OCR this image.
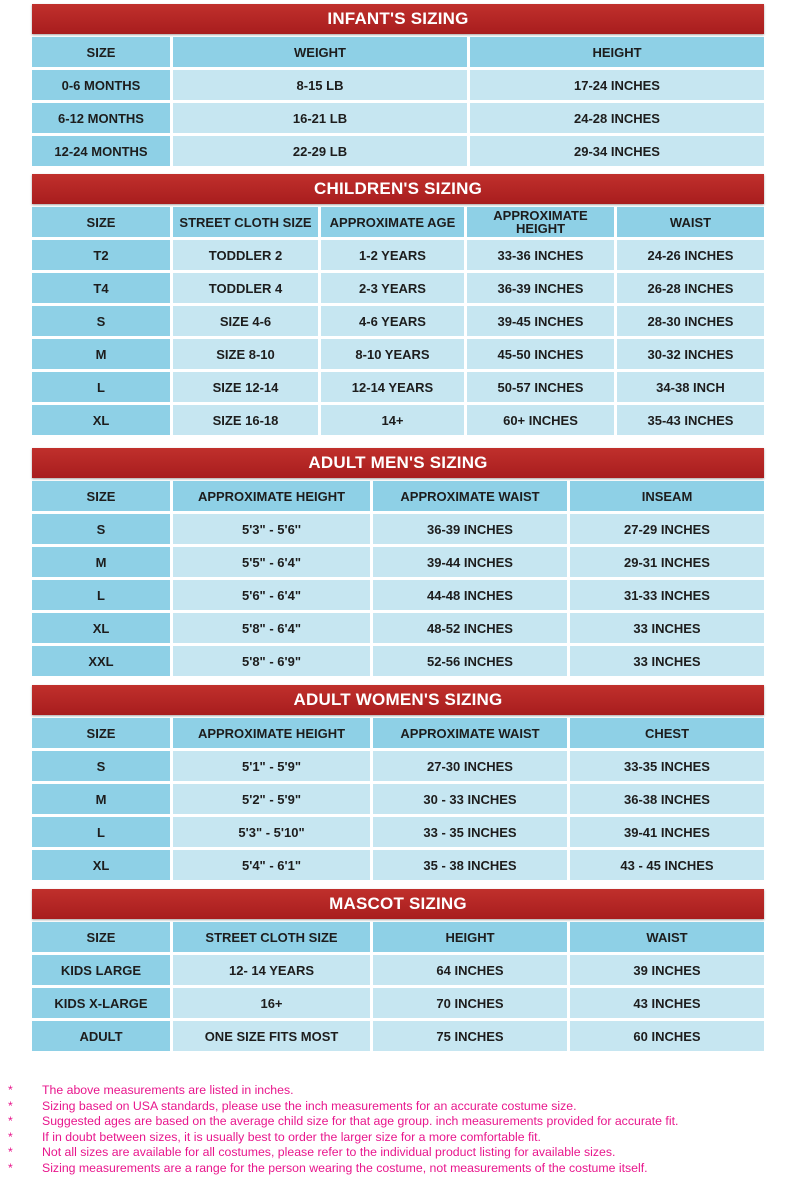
INFANT'S SIZING
SIZE	WEIGHT	HEIGHT
0-6 MONTHS	8-15 LB	17-24 INCHES
6-12 MONTHS	16-21 LB	24-28 INCHES
12-24 MONTHS	22-29 LB	29-34 INCHES
CHILDREN'S SIZING
SIZE	STREET CLOTH SIZE	APPROXIMATE AGE	APPROXIMATE HEIGHT	WAIST
T2	TODDLER 2	1-2 YEARS	33-36 INCHES	24-26 INCHES
T4	TODDLER 4	2-3 YEARS	36-39 INCHES	26-28 INCHES
S	SIZE 4-6	4-6 YEARS	39-45 INCHES	28-30 INCHES
M	SIZE 8-10	8-10 YEARS	45-50 INCHES	30-32 INCHES
L	SIZE 12-14	12-14 YEARS	50-57 INCHES	34-38 INCH
XL	SIZE 16-18	14+	60+ INCHES	35-43 INCHES
ADULT MEN'S SIZING
SIZE	APPROXIMATE HEIGHT	APPROXIMATE WAIST	INSEAM
S	5'3" - 5'6''	36-39 INCHES	27-29 INCHES
M	5'5" - 6'4"	39-44 INCHES	29-31 INCHES
L	5'6" - 6'4"	44-48 INCHES	31-33 INCHES
XL	5'8" - 6'4"	48-52 INCHES	33 INCHES
XXL	5'8" - 6'9"	52-56 INCHES	33 INCHES
ADULT WOMEN'S SIZING
SIZE	APPROXIMATE HEIGHT	APPROXIMATE WAIST	CHEST
S	5'1" - 5'9"	27-30 INCHES	33-35 INCHES
M	5'2" - 5'9"	30 - 33 INCHES	36-38 INCHES
L	5'3" - 5'10"	33 - 35 INCHES	39-41 INCHES
XL	5'4" - 6'1"	35 - 38 INCHES	43 - 45 INCHES
MASCOT SIZING
SIZE	STREET CLOTH SIZE	HEIGHT	WAIST
KIDS LARGE	12- 14 YEARS	64 INCHES	39 INCHES
KIDS X-LARGE	16+	70 INCHES	43 INCHES
ADULT	ONE SIZE FITS MOST	75 INCHES	60 INCHES
* The above measurements are listed in inches.
* Sizing based on USA standards, please use the inch measurements for an accurate costume size.
* Suggested ages are based on the average child size for that age group. inch measurements provided for accurate fit.
* If in doubt between sizes, it is usually best to order the larger size for a more comfortable fit.
* Not all sizes are available for all costumes, please refer to the individual product listing for available sizes.
* Sizing measurements are a range for the person wearing the costume, not measurements of the costume itself.
